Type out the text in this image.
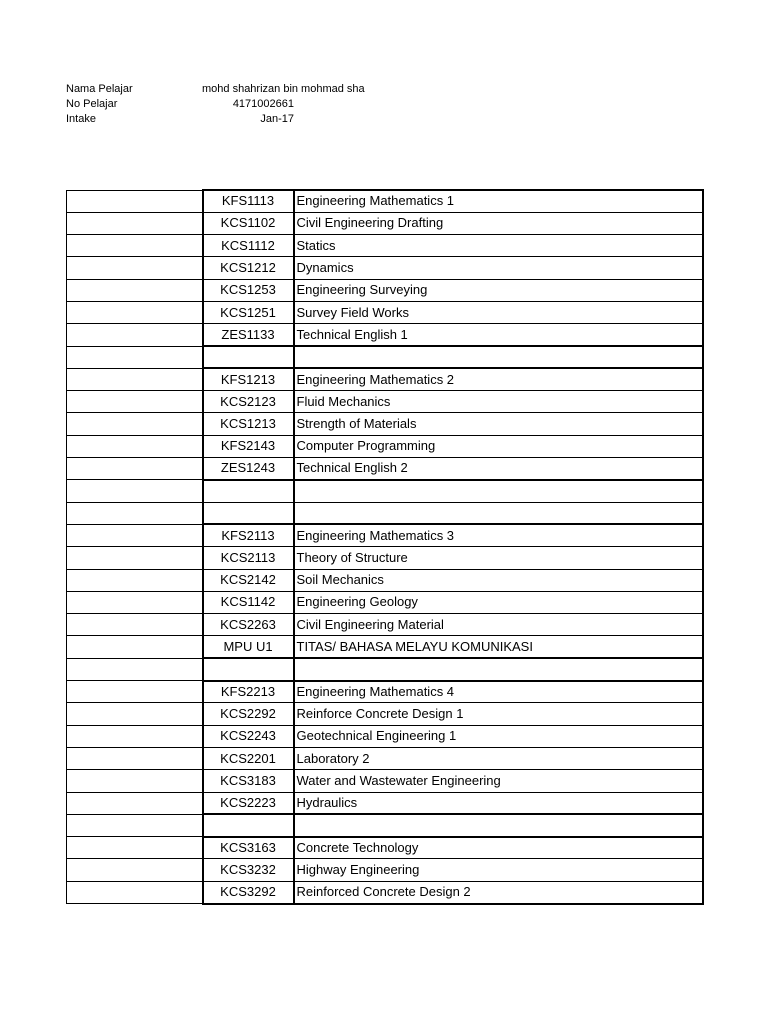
Nama Pelajar	mohd shahrizan bin mohmad sha
No Pelajar	4171002661
Intake	Jan-17
	KFS1113	Engineering Mathematics 1
	KCS1102	Civil Engineering Drafting
	KCS1112	Statics
	KCS1212	Dynamics
	KCS1253	Engineering Surveying
	KCS1251	Survey Field Works
	ZES1133	Technical English 1

	KFS1213	Engineering Mathematics 2
	KCS2123	Fluid Mechanics
	KCS1213	Strength of Materials
	KFS2143	Computer Programming
	ZES1243	Technical English 2

	KFS2113	Engineering Mathematics 3
	KCS2113	Theory of Structure
	KCS2142	Soil Mechanics
	KCS1142	Engineering Geology
	KCS2263	Civil Engineering Material
	MPU U1	TITAS/ BAHASA MELAYU KOMUNIKASI

	KFS2213	Engineering Mathematics 4
	KCS2292	Reinforce Concrete Design 1
	KCS2243	Geotechnical Engineering 1
	KCS2201	Laboratory 2
	KCS3183	Water and Wastewater Engineering
	KCS2223	Hydraulics

	KCS3163	Concrete Technology
	KCS3232	Highway Engineering
	KCS3292	Reinforced Concrete Design 2
